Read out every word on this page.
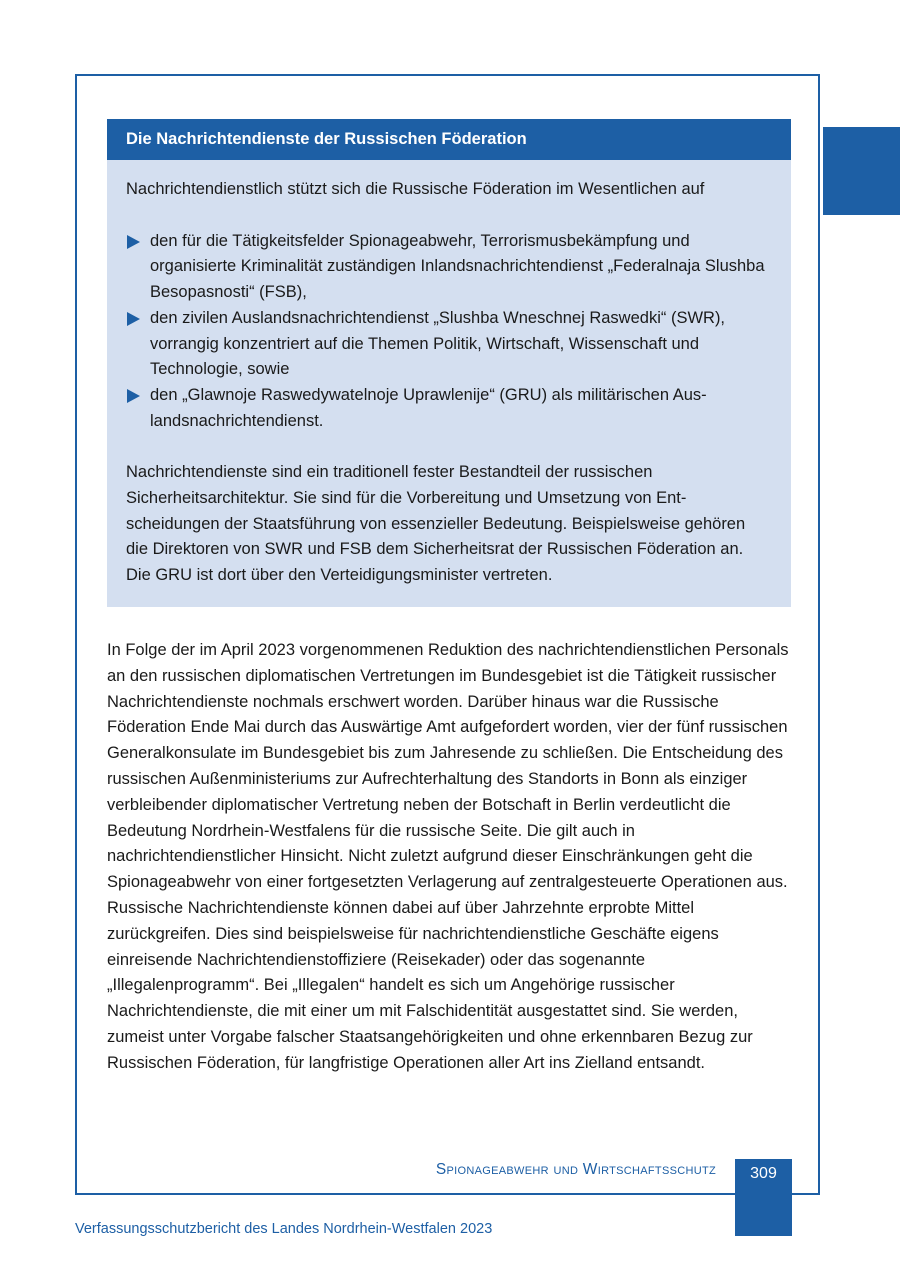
Die Nachrichtendienste der Russischen Föderation

Nachrichtendienstlich stützt sich die Russische Föderation im Wesentlichen auf

den für die Tätigkeitsfelder Spionageabwehr, Terrorismusbekämpfung und organisierte Kriminalität zuständigen Inlandsnachrichtendienst „Federalnaja Slushba Besopasnosti“ (FSB),
den zivilen Auslandsnachrichtendienst „Slushba Wneschnej Raswedki“ (SWR), vorrangig konzentriert auf die Themen Politik, Wirtschaft, Wissenschaft und Technologie, sowie
den „Glawnoje Raswedywatelnoje Uprawlenije“ (GRU) als militärischen Auslandsnachrichtendienst.

Nachrichtendienste sind ein traditionell fester Bestandteil der russischen Sicherheitsarchitektur. Sie sind für die Vorbereitung und Umsetzung von Entscheidungen der Staatsführung von essenzieller Bedeutung. Beispielsweise gehören die Direktoren von SWR und FSB dem Sicherheitsrat der Russischen Föderation an. Die GRU ist dort über den Verteidigungsminister vertreten.

In Folge der im April 2023 vorgenommenen Reduktion des nachrichtendienstlichen Personals an den russischen diplomatischen Vertretungen im Bundesgebiet ist die Tätigkeit russischer Nachrichtendienste nochmals erschwert worden. Darüber hinaus war die Russische Föderation Ende Mai durch das Auswärtige Amt aufgefordert worden, vier der fünf russischen Generalkonsulate im Bundesgebiet bis zum Jahresende zu schließen. Die Entscheidung des russischen Außenministeriums zur Aufrechterhaltung des Standorts in Bonn als einziger verbleibender diplomatischer Vertretung neben der Botschaft in Berlin verdeutlicht die Bedeutung Nordrhein-Westfalens für die russische Seite. Die gilt auch in nachrichtendienstlicher Hinsicht. Nicht zuletzt aufgrund dieser Einschränkungen geht die Spionageabwehr von einer fortgesetzten Verlagerung auf zentralgesteuerte Operationen aus. Russische Nachrichtendienste können dabei auf über Jahrzehnte erprobte Mittel zurückgreifen. Dies sind beispielsweise für nachrichtendienstliche Geschäfte eigens einreisende Nachrichtendienstoffiziere (Reisekader) oder das sogenannte „Illegalenprogramm“. Bei „Illegalen“ handelt es sich um Angehörige russischer Nachrichtendienste, die mit einer um mit Falschidentität ausgestattet sind. Sie werden, zumeist unter Vorgabe falscher Staatsangehörigkeiten und ohne erkennbaren Bezug zur Russischen Föderation, für langfristige Operationen aller Art ins Zielland entsandt.

Spionageabwehr und Wirtschaftsschutz	309
Verfassungsschutzbericht des Landes Nordrhein-Westfalen 2023
